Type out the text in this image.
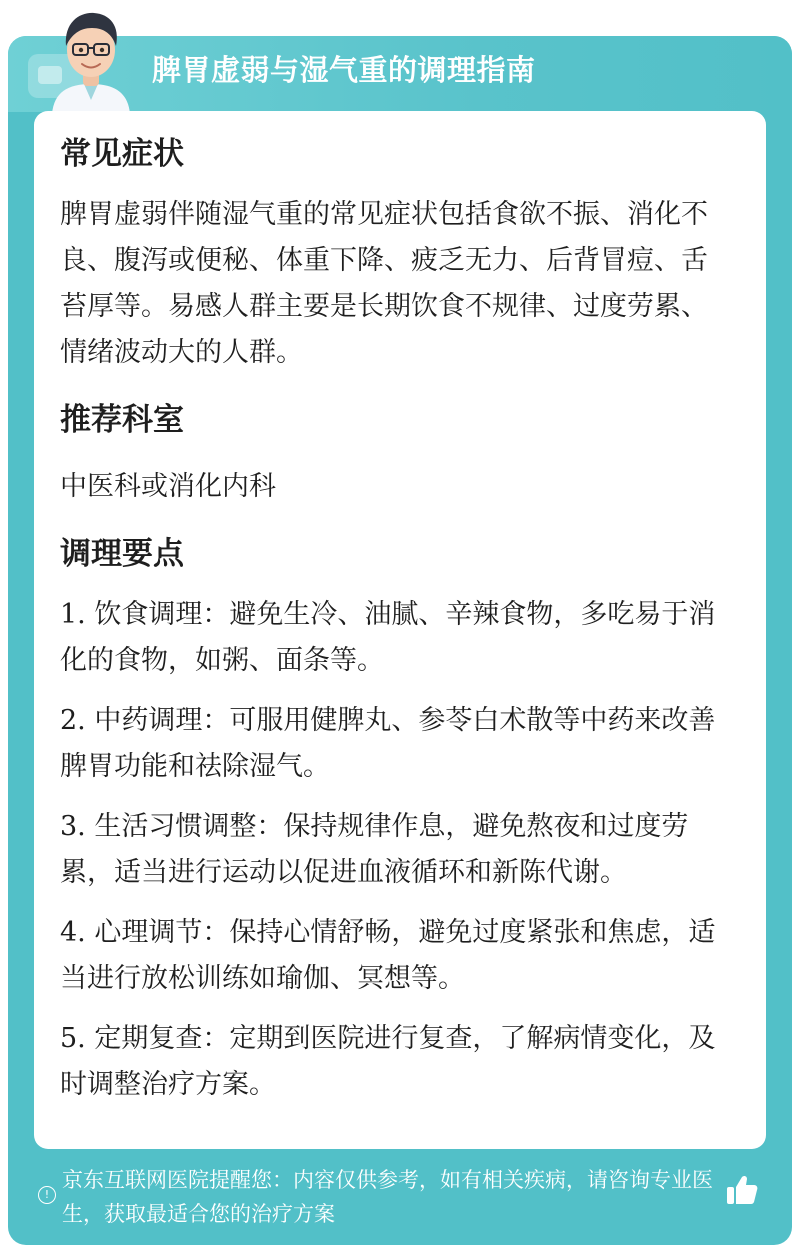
脾胃虚弱与湿气重的调理指南
常见症状

脾胃虚弱伴随湿气重的常见症状包括食欲不振、消化不良、腹泻或便秘、体重下降、疲乏无力、后背冒痘、舌苔厚等。易感人群主要是长期饮食不规律、过度劳累、情绪波动大的人群。

推荐科室

中医科或消化内科

调理要点

1. 饮食调理：避免生冷、油腻、辛辣食物，多吃易于消化的食物，如粥、面条等。

2. 中药调理：可服用健脾丸、参苓白术散等中药来改善脾胃功能和祛除湿气。

3. 生活习惯调整：保持规律作息，避免熬夜和过度劳累，适当进行运动以促进血液循环和新陈代谢。

4. 心理调节：保持心情舒畅，避免过度紧张和焦虑，适当进行放松训练如瑜伽、冥想等。

5. 定期复查：定期到医院进行复查，了解病情变化，及时调整治疗方案。

!
京东互联网医院提醒您：内容仅供参考，如有相关疾病，请咨询专业医生，获取最适合您的治疗方案
